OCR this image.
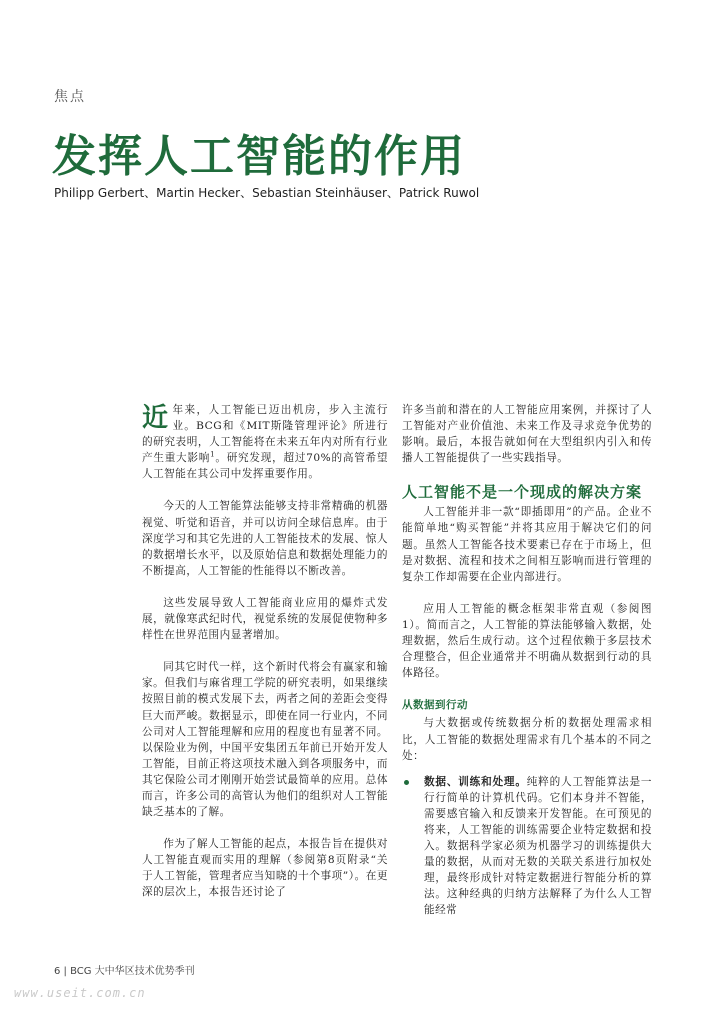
焦点
发挥人工智能的作用
Philipp Gerbert、Martin Hecker、Sebastian Steinhäuser、Patrick Ruwol

近年来，人工智能已迈出机房，步入主流行业。BCG和《MIT斯隆管理评论》所进行的研究表明，人工智能将在未来五年内对所有行业产生重大影响$^1$。研究发现，超过70%的高管希望人工智能在其公司中发挥重要作用。

今天的人工智能算法能够支持非常精确的机器视觉、听觉和语音，并可以访问全球信息库。由于深度学习和其它先进的人工智能技术的发展、惊人的数据增长水平，以及原始信息和数据处理能力的不断提高，人工智能的性能得以不断改善。

这些发展导致人工智能商业应用的爆炸式发展，就像寒武纪时代，视觉系统的发展促使物种多样性在世界范围内显著增加。

同其它时代一样，这个新时代将会有赢家和输家。但我们与麻省理工学院的研究表明，如果继续按照目前的模式发展下去，两者之间的差距会变得巨大而严峻。数据显示，即使在同一行业内，不同公司对人工智能理解和应用的程度也有显著不同。以保险业为例，中国平安集团五年前已开始开发人工智能，目前正将这项技术融入到各项服务中，而其它保险公司才刚刚开始尝试最简单的应用。总体而言，许多公司的高管认为他们的组织对人工智能缺乏基本的了解。

作为了解人工智能的起点，本报告旨在提供对人工智能直观而实用的理解（参阅第8页附录“关于人工智能，管理者应当知晓的十个事项”）。在更深的层次上，本报告还讨论了

许多当前和潜在的人工智能应用案例，并探讨了人工智能对产业价值池、未来工作及寻求竞争优势的影响。最后，本报告就如何在大型组织内引入和传播人工智能提供了一些实践指导。

人工智能不是一个现成的解决方案

人工智能并非一款“即插即用”的产品。企业不能简单地“购买智能”并将其应用于解决它们的问题。虽然人工智能各技术要素已存在于市场上，但是对数据、流程和技术之间相互影响而进行管理的复杂工作却需要在企业内部进行。

应用人工智能的概念框架非常直观（参阅图1）。简而言之，人工智能的算法能够输入数据，处理数据，然后生成行动。这个过程依赖于多层技术合理整合，但企业通常并不明确从数据到行动的具体路径。

从数据到行动

与大数据或传统数据分析的数据处理需求相比，人工智能的数据处理需求有几个基本的不同之处：

数据、训练和处理。纯粹的人工智能算法是一行行简单的计算机代码。它们本身并不智能，需要感官输入和反馈来开发智能。在可预见的将来，人工智能的训练需要企业特定数据和投入。数据科学家必须为机器学习的训练提供大量的数据，从而对无数的关联关系进行加权处理，最终形成针对特定数据进行智能分析的算法。这种经典的归纳方法解释了为什么人工智能经常
6 | BCG 大中华区技术优势季刊
www.useit.com.cn
